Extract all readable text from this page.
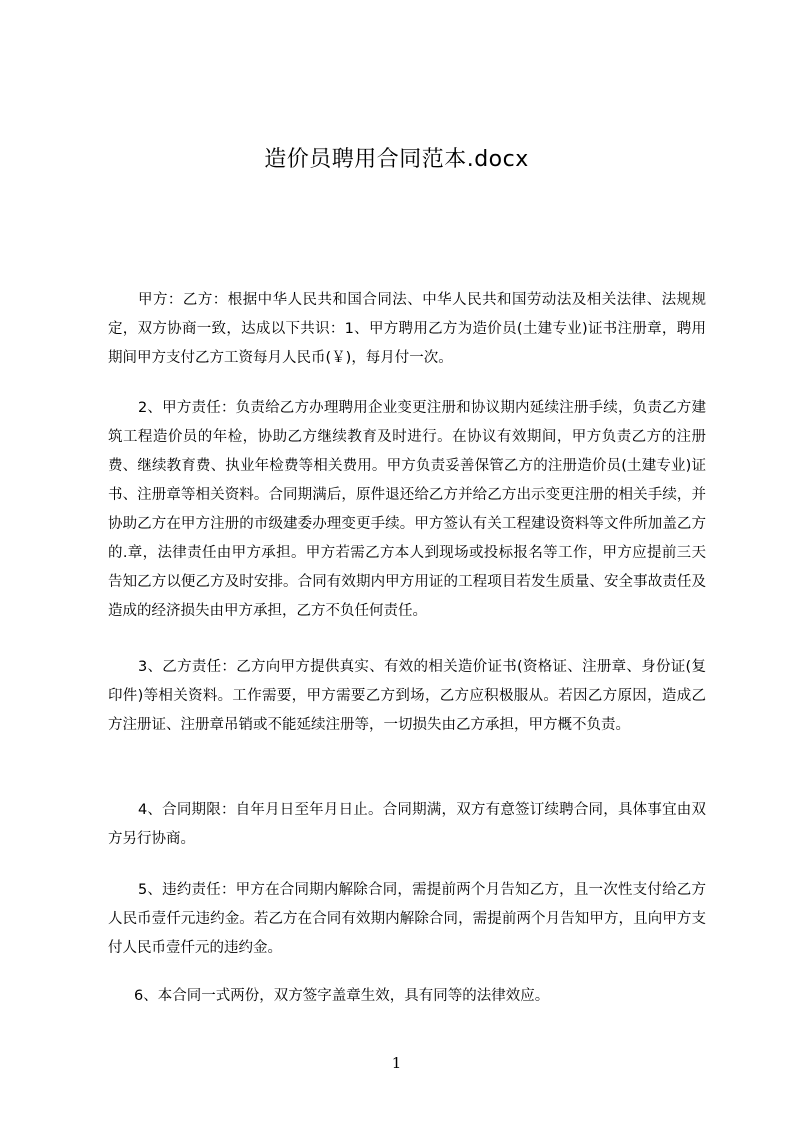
造价员聘用合同范本.docx

甲方：乙方：根据中华人民共和国合同法、中华人民共和国劳动法及相关法律、法规规定，双方协商一致，达成以下共识：1、甲方聘用乙方为造价员(土建专业)证书注册章，聘用期间甲方支付乙方工资每月人民币(￥)，每月付一次。

2、甲方责任：负责给乙方办理聘用企业变更注册和协议期内延续注册手续，负责乙方建筑工程造价员的年检，协助乙方继续教育及时进行。在协议有效期间，甲方负责乙方的注册费、继续教育费、执业年检费等相关费用。甲方负责妥善保管乙方的注册造价员(土建专业)证书、注册章等相关资料。合同期满后，原件退还给乙方并给乙方出示变更注册的相关手续，并协助乙方在甲方注册的市级建委办理变更手续。甲方签认有关工程建设资料等文件所加盖乙方的.章，法律责任由甲方承担。甲方若需乙方本人到现场或投标报名等工作，甲方应提前三天告知乙方以便乙方及时安排。合同有效期内甲方用证的工程项目若发生质量、安全事故责任及造成的经济损失由甲方承担，乙方不负任何责任。

3、乙方责任：乙方向甲方提供真实、有效的相关造价证书(资格证、注册章、身份证(复印件)等相关资料。工作需要，甲方需要乙方到场，乙方应积极服从。若因乙方原因，造成乙方注册证、注册章吊销或不能延续注册等，一切损失由乙方承担，甲方概不负责。

4、合同期限：自年月日至年月日止。合同期满，双方有意签订续聘合同，具体事宜由双方另行协商。

5、违约责任：甲方在合同期内解除合同，需提前两个月告知乙方，且一次性支付给乙方人民币壹仟元违约金。若乙方在合同有效期内解除合同，需提前两个月告知甲方，且向甲方支付人民币壹仟元的违约金。

6、本合同一式两份，双方签字盖章生效，具有同等的法律效应。

1
